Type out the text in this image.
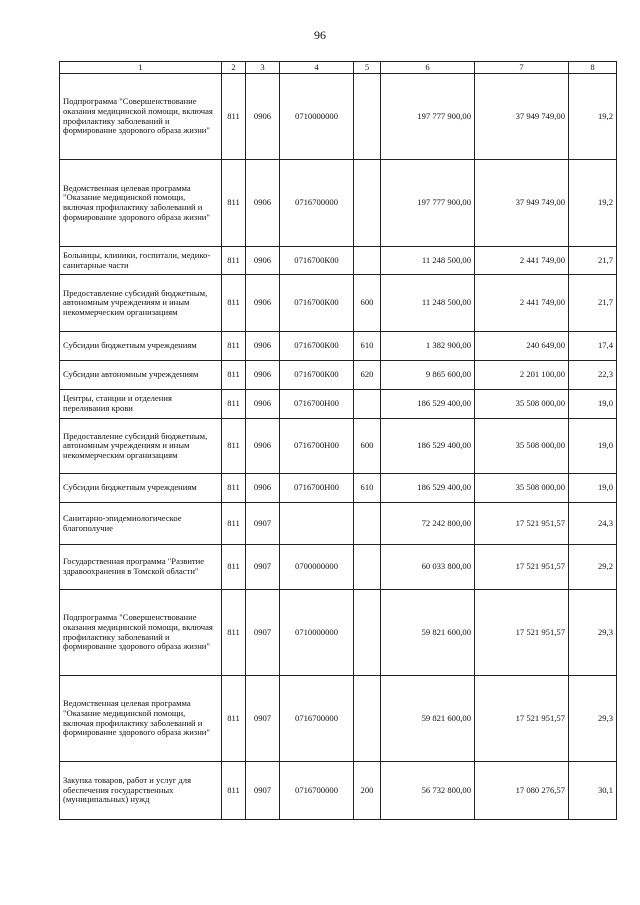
96
1	2	3	4	5	6	7	8
Подпрограмма "Совершенствование оказания медицинской помощи, включая профилактику заболеваний и формирование здорового образа жизни"	811	0906	0710000000		197 777 900,00	37 949 749,00	19,2
Ведомственная целевая программа "Оказание медицинской помощи, включая профилактику заболеваний и формирование здорового образа жизни"	811	0906	0716700000		197 777 900,00	37 949 749,00	19,2
Больницы, клиники, госпитали, медико-санитарные части	811	0906	0716700К00		11 248 500,00	2 441 749,00	21,7
Предоставление субсидий бюджетным, автономным учреждениям и иным некоммерческим организациям	811	0906	0716700К00	600	11 248 500,00	2 441 749,00	21,7
Субсидии бюджетным учреждениям	811	0906	0716700К00	610	1 382 900,00	240 649,00	17,4
Субсидии автономным учреждениям	811	0906	0716700К00	620	9 865 600,00	2 201 100,00	22,3
Центры, станции и отделения переливания крови	811	0906	0716700Н00		186 529 400,00	35 508 000,00	19,0
Предоставление субсидий бюджетным, автономным учреждениям и иным некоммерческим организациям	811	0906	0716700Н00	600	186 529 400,00	35 508 000,00	19,0
Субсидии бюджетным учреждениям	811	0906	0716700Н00	610	186 529 400,00	35 508 000,00	19,0
Санитарно-эпидемиологическое благополучие	811	0907			72 242 800,00	17 521 951,57	24,3
Государственная программа "Развитие здравоохранения в Томской области"	811	0907	0700000000		60 033 800,00	17 521 951,57	29,2
Подпрограмма "Совершенствование оказания медицинской помощи, включая профилактику заболеваний и формирование здорового образа жизни"	811	0907	0710000000		59 821 600,00	17 521 951,57	29,3
Ведомственная целевая программа "Оказание медицинской помощи, включая профилактику заболеваний и формирование здорового образа жизни"	811	0907	0716700000		59 821 600,00	17 521 951,57	29,3
Закупка товаров, работ и услуг для обеспечения государственных (муниципальных) нужд	811	0907	0716700000	200	56 732 800,00	17 080 276,57	30,1
